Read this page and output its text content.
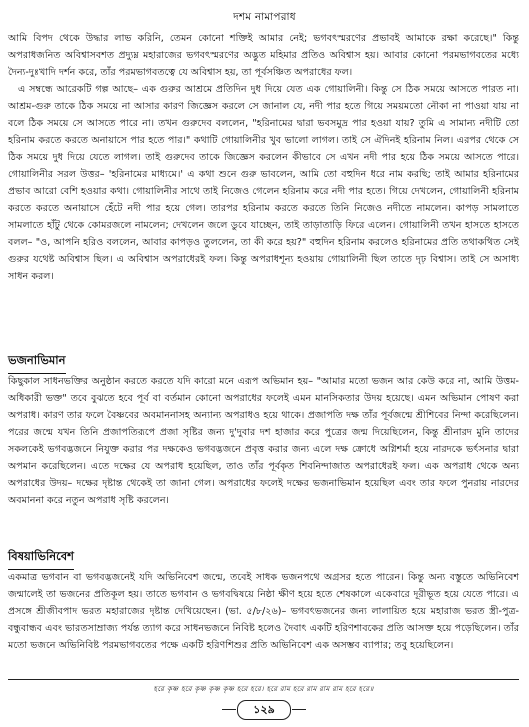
দশম নামাপরাধ

আমি বিপদ থেকে উদ্ধার লাভ করিনি, তেমন কোনো শক্তিই আমার নেই; ভগবৎস্মরণের প্রভাবই আমাকে রক্ষা করেছে।" কিন্তু অপরাধজনিত অবিশ্বাসবশত প্রদ্যুম্ন মহারাজের ভগবৎস্মরণের অদ্ভুত মহিমার প্রতিও অবিশ্বাস হয়। আবার কোনো পরমভাগবতের মধ্যে দৈন্য-দুঃখাদি দর্শন করে, তাঁর পরমভাগবতত্বে যে অবিশ্বাস হয়, তা পূর্বসঞ্চিত অপরাধের ফল।

এ সম্বন্ধে আরেকটি গল্প আছে– এক গুরুর আশ্রমে প্রতিদিন দুধ দিয়ে যেত এক গোয়ালিনী। কিন্তু সে ঠিক সময়ে আসতে পারত না। আশ্রম-গুরু তাকে ঠিক সময়ে না আসার কারণ জিজ্ঞেস করলে সে জানাল যে, নদী পার হতে গিয়ে সময়মতো নৌকা না পাওয়া যায় না বলে ঠিক সময়ে সে আসতে পারে না। তখন গুরুদেব বললেন, "হরিনামের দ্বারা ভবসমুদ্র পার হওয়া যায়? তুমি এ সামান্য নদীটি তো হরিনাম করতে করতে অনায়াসে পার হতে পার।" কথাটি গোয়ালিনীর খুব ভালো লাগল। তাই সে ঐদিনই হরিনাম নিল। এরপর থেকে সে ঠিক সময়ে দুধ দিয়ে যেতে লাগল। তাই গুরুদেব তাকে জিজ্ঞেস করলেন কীভাবে সে এখন নদী পার হয়ে ঠিক সময়ে আসতে পারে। গোয়ালিনীর সরল উত্তর– 'হরিনামের মাধ্যমে।' এ কথা শুনে গুরু ভাবলেন, আমি তো বহুদিন ধরে নাম করছি; তাই আমার হরিনামের প্রভাব আরো বেশি হওয়ার কথা। গোয়ালিনীর সাথে তাই নিজেও গেলেন হরিনাম করে নদী পার হতে। গিয়ে দেখলেন, গোয়ালিনী হরিনাম করতে করতে অনায়াসে হেঁটে নদী পার হয়ে গেল। তারপর হরিনাম করতে করতে তিনি নিজেও নদীতে নামলেন। কাপড় সামলাতে সামলাতে হাঁটু থেকে কোমরজলে নামলেন; দেখলেন জলে ডুবে যাচ্ছেন, তাই তাড়াতাড়ি ফিরে এলেন। গোয়ালিনী তখন হাসতে হাসতে বলল– "ও, আপনি হরিও বললেন, আবার কাপড়ও তুললেন, তা কী করে হয়?" বহুদিন হরিনাম করলেও হরিনামের প্রতি তথাকথিত সেই গুরুর যথেষ্ট অবিশ্বাস ছিল। এ অবিশ্বাস অপরাধেরই ফল। কিন্তু অপরাধশূন্য হওয়ায় গোয়ালিনী ছিল তাতে দৃঢ় বিশ্বাস। তাই সে অসাধ্য সাধন করল।

ভজনাভিমান

কিছুকাল সাধনভক্তির অনুষ্ঠান করতে করতে যদি কারো মনে এরূপ অভিমান হয়– "আমার মতো ভজন আর কেউ করে না, আমি উত্তম-অধিকারী ভক্ত" তবে বুঝতে হবে পূর্ব বা বর্তমান কোনো অপরাধের ফলেই এমন মানসিকতার উদয় হয়েছে। এমন অভিমান পোষণ করা অপরাধ। কারণ তার ফলে বৈষ্ণবের অবমাননাসহ অন্যান্য অপরাধও হয়ে থাকে। প্রজাপতি দক্ষ তাঁর পূর্বজন্মে শ্রীশিবের নিন্দা করেছিলেন। পরের জন্মে যখন তিনি প্রজাপতিরূপে প্রজা সৃষ্টির জন্য দু'দুবার দশ হাজার করে পুত্রের জন্ম দিয়েছিলেন, কিন্তু শ্রীনারদ মুনি তাদের সকলকেই ভগবদ্ভজনে নিযুক্ত করার পর দক্ষকেও ভগবদ্ভজনে প্রবৃত্ত করার জন্য এলে দক্ষ ক্রোধে অগ্নিশর্মা হয়ে নারদকে ভর্ৎসনার দ্বারা অপমান করেছিলেন। এতে দক্ষের যে অপরাধ হয়েছিল, তাও তাঁর পূর্বকৃত শিবনিন্দাজাত অপরাধেরই ফল। এক অপরাধ থেকে অন্য অপরাধের উদয়– দক্ষের দৃষ্টান্ত থেকেই তা জানা গেল। অপরাধের ফলেই দক্ষের ভজনাভিমান হয়েছিল এবং তার ফলে পুনরায় নারদের অবমাননা করে নতুন অপরাধ সৃষ্টি করলেন।

বিষয়াভিনিবেশ

একমাত্র ভগবান বা ভগবদ্ভজনেই যদি অভিনিবেশ জন্মে, তবেই সাধক ভজনপথে অগ্রসর হতে পারেন। কিন্তু অন্য বস্তুতে অভিনিবেশ জন্মালেই তা ভজনের প্রতিকূল হয়। তাতে ভগবান ও ভগবদ্বিষয়ে নিষ্ঠা ক্ষীণ হয়ে হতে শেষকালে একেবারে দূরীভূত হয়ে যেতে পারে। এ প্রসঙ্গে শ্রীজীবপাদ ভরত মহারাজের দৃষ্টান্ত দেখিয়েছেন। (ভা. ৫/৮/২৬)– ভগবৎভজনের জন্য লালায়িত হয়ে মহারাজ ভরত স্ত্রী-পুত্র-বন্ধুবান্ধব এবং ভারতসাম্রাজ্য পর্যন্ত ত্যাগ করে সাধনভজনে নিবিষ্ট হলেও দৈবাৎ একটি হরিণশাবকের প্রতি আসক্ত হয়ে পড়েছিলেন। তাঁর মতো ভজনে অভিনিবিষ্ট পরমভাগবতের পক্ষে একটি হরিণশিশুর প্রতি অভিনিবেশ এক অসম্ভব ব্যাপার; তবু হয়েছিলেন।

হরে কৃষ্ণ হরে কৃষ্ণ কৃষ্ণ কৃষ্ণ হরে হরে। হরে রাম হরে রাম রাম রাম হরে হরে॥
১২৯
